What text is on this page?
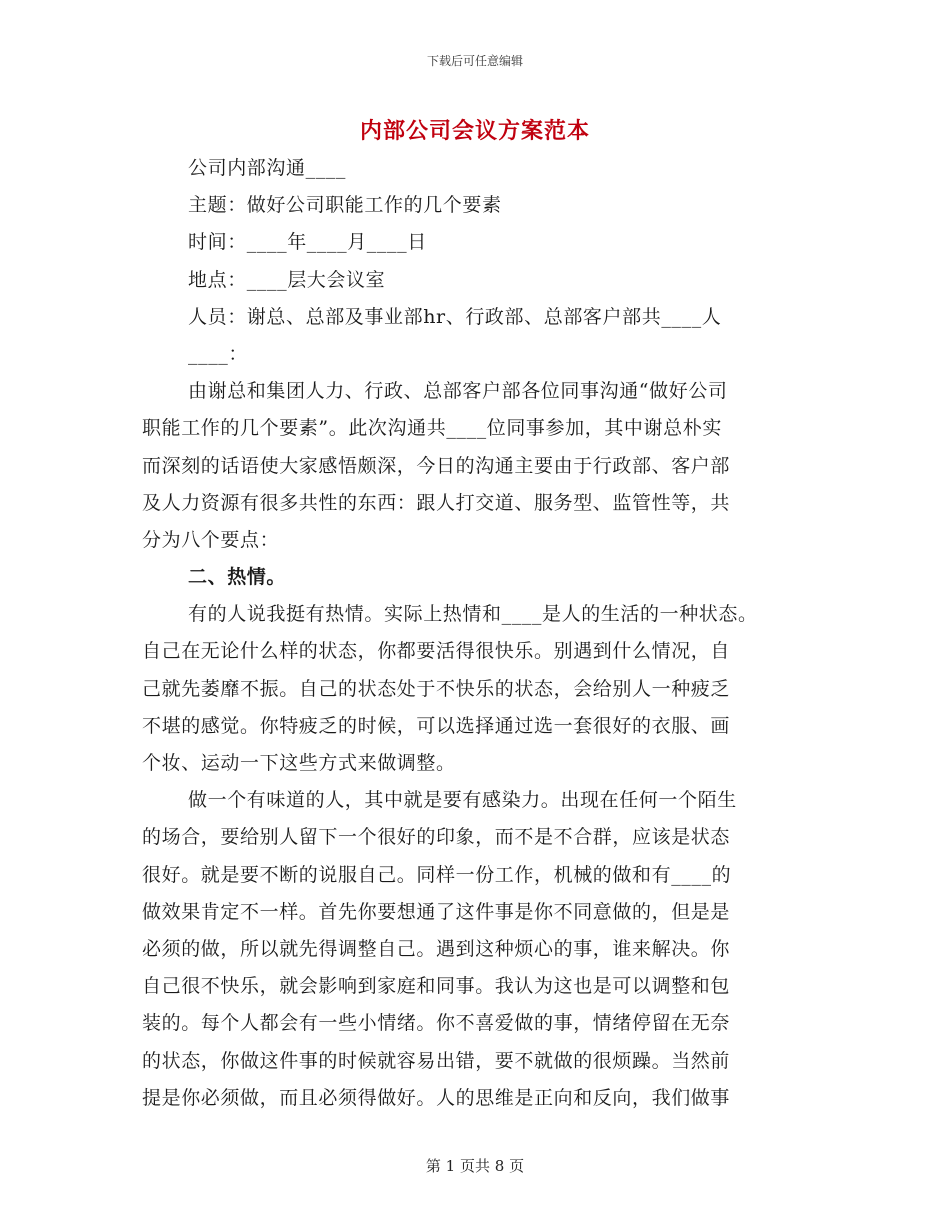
下载后可任意编辑
内部公司会议方案范本
公司内部沟通____
主题：做好公司职能工作的几个要素
时间：____年____月____日
地点：____层大会议室
人员：谢总、总部及事业部hr、行政部、总部客户部共____人
____：
由谢总和集团人力、行政、总部客户部各位同事沟通“做好公司
职能工作的几个要素”。此次沟通共____位同事参加，其中谢总朴实
而深刻的话语使大家感悟颇深，今日的沟通主要由于行政部、客户部
及人力资源有很多共性的东西：跟人打交道、服务型、监管性等，共
分为八个要点：
二、热情。
有的人说我挺有热情。实际上热情和____是人的生活的一种状态。
自己在无论什么样的状态，你都要活得很快乐。别遇到什么情况，自
己就先萎靡不振。自己的状态处于不快乐的状态，会给别人一种疲乏
不堪的感觉。你特疲乏的时候，可以选择通过选一套很好的衣服、画
个妆、运动一下这些方式来做调整。
做一个有味道的人，其中就是要有感染力。出现在任何一个陌生
的场合，要给别人留下一个很好的印象，而不是不合群，应该是状态
很好。就是要不断的说服自己。同样一份工作，机械的做和有____的
做效果肯定不一样。首先你要想通了这件事是你不同意做的，但是是
必须的做，所以就先得调整自己。遇到这种烦心的事，谁来解决。你
自己很不快乐，就会影响到家庭和同事。我认为这也是可以调整和包
装的。每个人都会有一些小情绪。你不喜爱做的事，情绪停留在无奈
的状态，你做这件事的时候就容易出错，要不就做的很烦躁。当然前
提是你必须做，而且必须得做好。人的思维是正向和反向，我们做事
第 1 页共 8 页
